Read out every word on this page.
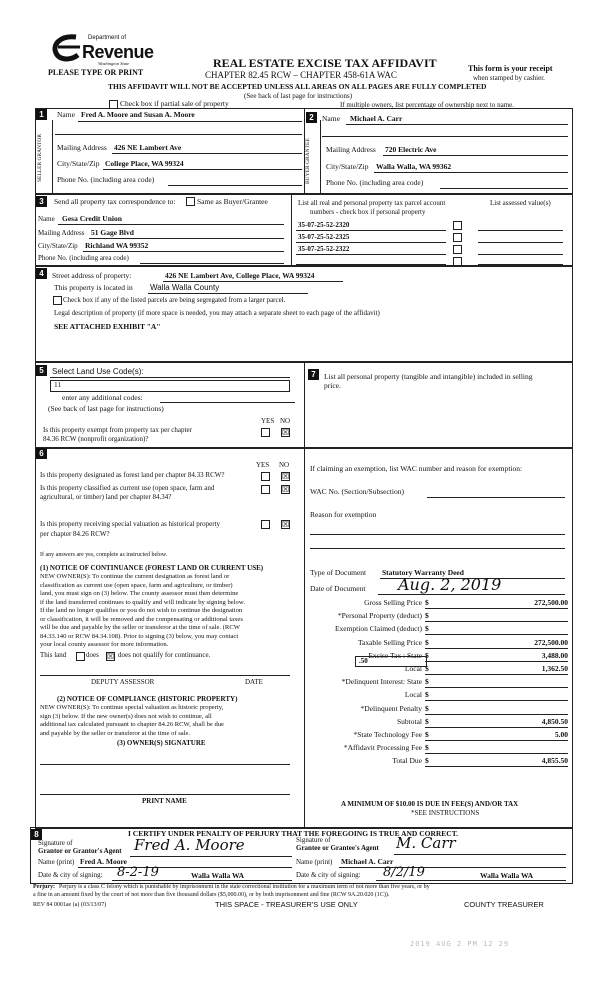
Department of
Revenue
Washington State
PLEASE TYPE OR PRINT
REAL ESTATE EXCISE TAX AFFIDAVIT
CHAPTER 82.45 RCW – CHAPTER 458-61A WAC
This form is your receipt
when stamped by cashier.
THIS AFFIDAVIT WILL NOT BE ACCEPTED UNLESS ALL AREAS ON ALL PAGES ARE FULLY COMPLETED
(See back of last page for instructions)
Check box if partial sale of property	If multiple owners, list percentage of ownership next to name.
1	2
SELLER GRANTOR
Name Fred A. Moore and Susan A. Moore
Mailing Address 426 NE Lambert Ave
City/State/Zip College Place, WA 99324
Phone No. (including area code)	BUYER GRANTEE
Name Michael A. Carr
Mailing Address 720 Electric Ave
City/State/Zip Walla Walla, WA 99362
Phone No. (including area code)
3	Send all property tax correspondence to:	Same as Buyer/Grantee
Name Gesa Credit Union
Mailing Address 51 Gage Blvd
City/State/Zip Richland WA 99352
Phone No. (including area code)
List all real and personal property tax parcel account
numbers - check box if personal property
List assessed value(s)
35-07-25-52-2320
35-07-25-52-2325
35-07-25-52-2322
4	Street address of property:	426 NE Lambert Ave, College Place, WA 99324
This property is located in Walla Walla County
Check box if any of the listed parcels are being segregated from a larger parcel.
Legal description of property (if more space is needed, you may attach a separate sheet to each page of the affidavit)
SEE ATTACHED EXHIBIT "A"
5	Select Land Use Code(s):
11
enter any additional codes:
(See back of last page for instructions)
YES NO
Is this property exempt from property tax per chapter
84.36 RCW (nonprofit organization)?
☒
7	List all personal property (tangible and intangible) included in selling
price.
6
YES NO
Is this property designated as forest land per chapter 84.33 RCW?	☒
Is this property classified as current use (open space, farm and
agricultural, or timber) land per chapter 84.34?
☒
Is this property receiving special valuation as historical property
per chapter 84.26 RCW?
☒
If any answers are yes, complete as instructed below.
(1) NOTICE OF CONTINUANCE (FOREST LAND OR CURRENT USE)
NEW OWNER(S): To continue the current designation as forest land or
classification as current use (open space, farm and agriculture, or timber)
land, you must sign on (3) below. The county assessor must then determine
if the land transferred continues to qualify and will indicate by signing below.
If the land no longer qualifies or you do not wish to continue the designation
or classification, it will be removed and the compensating or additional taxes
will be due and payable by the seller or transferor at the time of sale. (RCW
84.33.140 or RCW 84.34.108). Prior to signing (3) below, you may contact
your local county assessor for more information.
This land	does ☒ does not qualify for continuance.
DEPUTY ASSESSOR	DATE
(2) NOTICE OF COMPLIANCE (HISTORIC PROPERTY)
NEW OWNER(S): To continue special valuation as historic property,
sign (3) below. If the new owner(s) does not wish to continue, all
additional tax calculated pursuant to chapter 84.26 RCW, shall be due
and payable by the seller or transferor at the time of sale.
(3) OWNER(S) SIGNATURE
PRINT NAME
If claiming an exemption, list WAC number and reason for exemption:
WAC No. (Section/Subsection)
Reason for exemption
Type of Document Statutory Warranty Deed
Date of Document Aug. 2, 2019
Gross Selling Price $	272,500.00
*Personal Property (deduct) $
Exemption Claimed (deduct) $
Taxable Selling Price $	272,500.00
Excise Tax : State $	3,488.00
Local $	1,362.50
*Delinquent Interest: State $
Local $
*Delinquent Penalty $
Subtotal $	4,850.50
*State Technology Fee $	5.00
*Affidavit Processing Fee $
Total Due $	4,855.50
.50
A MINIMUM OF $10.00 IS DUE IN FEE(S) AND/OR TAX
*SEE INSTRUCTIONS
8	I CERTIFY UNDER PENALTY OF PERJURY THAT THE FOREGOING IS TRUE AND CORRECT.
Signature of
Grantor or Grantor's Agent Fred A. Moore
Name (print) Fred A. Moore
Date & city of signing: 8-2-19	Walla Walla WA
Signature of
Grantee or Grantee's Agent M. Carr
Name (print) Michael A. Carr
Date & city of signing: 8/2/19	Walla Walla WA
Perjury: Perjury is a class C felony which is punishable by imprisonment in the state correctional institution for a maximum term of not more than five years, or by
a fine in an amount fixed by the court of not more than five thousand dollars ($5,000.00), or by both imprisonment and fine (RCW 9A.20.020 (1C)).
REV 84 0001ae (a) (03/13/07)	THIS SPACE - TREASURER'S USE ONLY	COUNTY TREASURER
2019 AUG 2 PM 12 29
